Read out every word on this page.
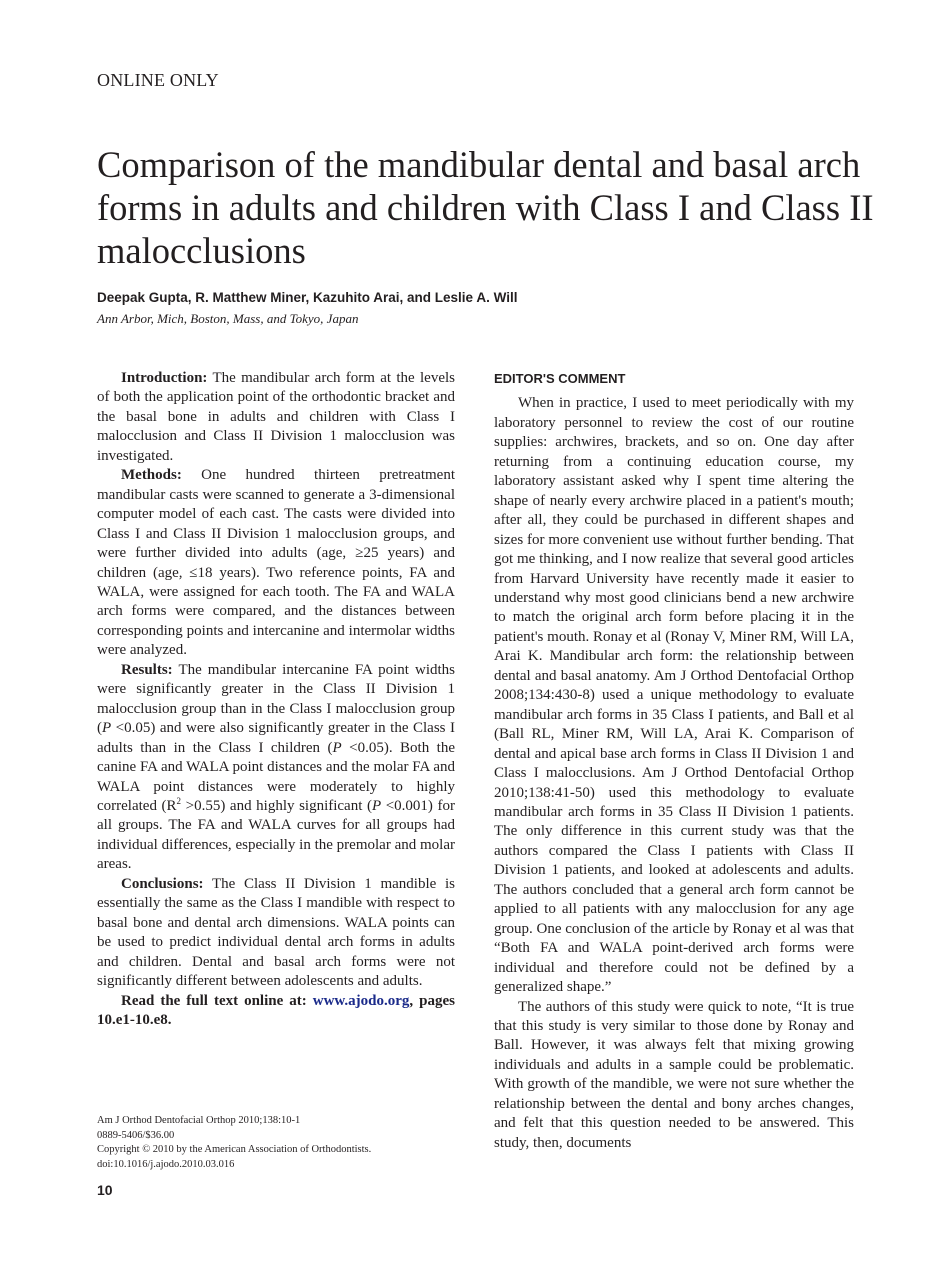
ONLINE ONLY
Comparison of the mandibular dental and basal arch forms in adults and children with Class I and Class II malocclusions
Deepak Gupta, R. Matthew Miner, Kazuhito Arai, and Leslie A. Will
Ann Arbor, Mich, Boston, Mass, and Tokyo, Japan

Introduction: The mandibular arch form at the levels of both the application point of the orthodontic bracket and the basal bone in adults and children with Class I malocclusion and Class II Division 1 malocclusion was investigated.

Methods: One hundred thirteen pretreatment mandibular casts were scanned to generate a 3-dimensional computer model of each cast. The casts were divided into Class I and Class II Division 1 malocclusion groups, and were further divided into adults (age, ≥25 years) and children (age, ≤18 years). Two reference points, FA and WALA, were assigned for each tooth. The FA and WALA arch forms were compared, and the distances between corresponding points and intercanine and intermolar widths were analyzed.

Results: The mandibular intercanine FA point widths were significantly greater in the Class II Division 1 malocclusion group than in the Class I malocclusion group (P <0.05) and were also significantly greater in the Class I adults than in the Class I children (P <0.05). Both the canine FA and WALA point distances and the molar FA and WALA point distances were moderately to highly correlated $(R^2 >0.55)$ and highly significant (P <0.001) for all groups. The FA and WALA curves for all groups had individual differences, especially in the premolar and molar areas.

Conclusions: The Class II Division 1 mandible is essentially the same as the Class I mandible with respect to basal bone and dental arch dimensions. WALA points can be used to predict individual dental arch forms in adults and children. Dental and basal arch forms were not significantly different between adolescents and adults.

Read the full text online at: www.ajodo.org, pages 10.e1-10.e8.

EDITOR'S COMMENT

When in practice, I used to meet periodically with my laboratory personnel to review the cost of our routine supplies: archwires, brackets, and so on. One day after returning from a continuing education course, my laboratory assistant asked why I spent time altering the shape of nearly every archwire placed in a patient's mouth; after all, they could be purchased in different shapes and sizes for more convenient use without further bending. That got me thinking, and I now realize that several good articles from Harvard University have recently made it easier to understand why most good clinicians bend a new archwire to match the original arch form before placing it in the patient's mouth. Ronay et al (Ronay V, Miner RM, Will LA, Arai K. Mandibular arch form: the relationship between dental and basal anatomy. Am J Orthod Dentofacial Orthop 2008;134:430-8) used a unique methodology to evaluate mandibular arch forms in 35 Class I patients, and Ball et al (Ball RL, Miner RM, Will LA, Arai K. Comparison of dental and apical base arch forms in Class II Division 1 and Class I malocclusions. Am J Orthod Dentofacial Orthop 2010;138:41-50) used this methodology to evaluate mandibular arch forms in 35 Class II Division 1 patients. The only difference in this current study was that the authors compared the Class I patients with Class II Division 1 patients, and looked at adolescents and adults. The authors concluded that a general arch form cannot be applied to all patients with any malocclusion for any age group. One conclusion of the article by Ronay et al was that “Both FA and WALA point-derived arch forms were individual and therefore could not be defined by a generalized shape.”

The authors of this study were quick to note, “It is true that this study is very similar to those done by Ronay and Ball. However, it was always felt that mixing growing individuals and adults in a sample could be problematic. With growth of the mandible, we were not sure whether the relationship between the dental and bony arches changes, and felt that this question needed to be answered. This study, then, documents

Am J Orthod Dentofacial Orthop 2010;138:10-1
0889-5406/$36.00
Copyright © 2010 by the American Association of Orthodontists.
doi:10.1016/j.ajodo.2010.03.016
10
